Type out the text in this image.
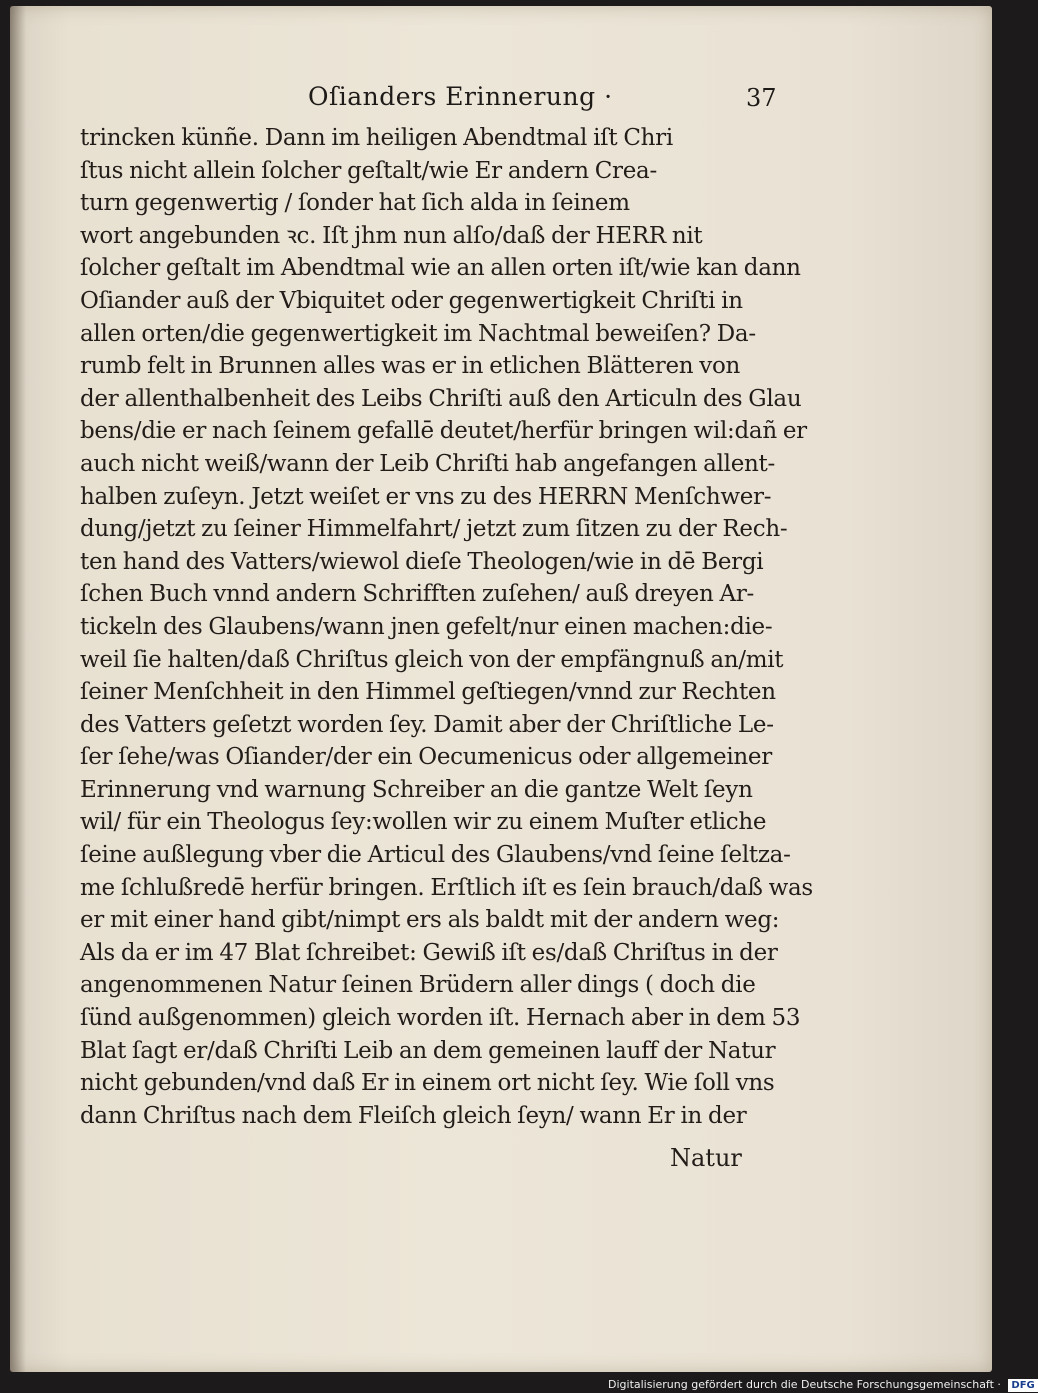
Oſianders Erinnerung ·	37
trincken künñe. Dann im heiligen Abendtmal iſt Chri
ſtus nicht allein ſolcher geſtalt/wie Er andern Crea-
turn gegenwertig / ſonder hat ſich alda in ſeinem
wort angebunden ꝛc. Iſt jhm nun alſo/daß der HERR nit
ſolcher geſtalt im Abendtmal wie an allen orten iſt/wie kan dann
Oſiander auß der Vbiquitet oder gegenwertigkeit Chriſti in
allen orten/die gegenwertigkeit im Nachtmal beweiſen? Da-
rumb felt in Brunnen alles was er in etlichen Blätteren von
der allenthalbenheit des Leibs Chriſti auß den Articuln des Glau
bens/die er nach ſeinem gefallē deutet/herfür bringen wil:dañ er
auch nicht weiß/wann der Leib Chriſti hab angefangen allent-
halben zuſeyn. Jetzt weiſet er vns zu des HERRN Menſchwer-
dung/jetzt zu ſeiner Himmelfahrt/ jetzt zum ſitzen zu der Rech-
ten hand des Vatters/wiewol dieſe Theologen/wie in dē Bergi
ſchen Buch vnnd andern Schrifften zuſehen/ auß dreyen Ar-
tickeln des Glaubens/wann jnen gefelt/nur einen machen:die-
weil ſie halten/daß Chriſtus gleich von der empfängnuß an/mit
ſeiner Menſchheit in den Himmel geſtiegen/vnnd zur Rechten
des Vatters geſetzt worden ſey. Damit aber der Chriſtliche Le-
ſer ſehe/was Oſiander/der ein Oecumenicus oder allgemeiner
Erinnerung vnd warnung Schreiber an die gantze Welt ſeyn
wil/ für ein Theologus ſey:wollen wir zu einem Muſter etliche
ſeine außlegung vber die Articul des Glaubens/vnd ſeine ſeltza-
me ſchlußredē herfür bringen. Erſtlich iſt es ſein brauch/daß was
er mit einer hand gibt/nimpt ers als baldt mit der andern weg:
Als da er im 47 Blat ſchreibet: Gewiß iſt es/daß Chriſtus in der
angenommenen Natur ſeinen Brüdern aller dings ( doch die
ſünd außgenommen) gleich worden iſt. Hernach aber in dem 53
Blat ſagt er/daß Chriſti Leib an dem gemeinen lauff der Natur
nicht gebunden/vnd daß Er in einem ort nicht ſey. Wie ſoll vns
dann Chriſtus nach dem Fleiſch gleich ſeyn/ wann Er in der
Natur
Digitalisierung gefördert durch die Deutsche Forschungsgemeinschaft · DFG
